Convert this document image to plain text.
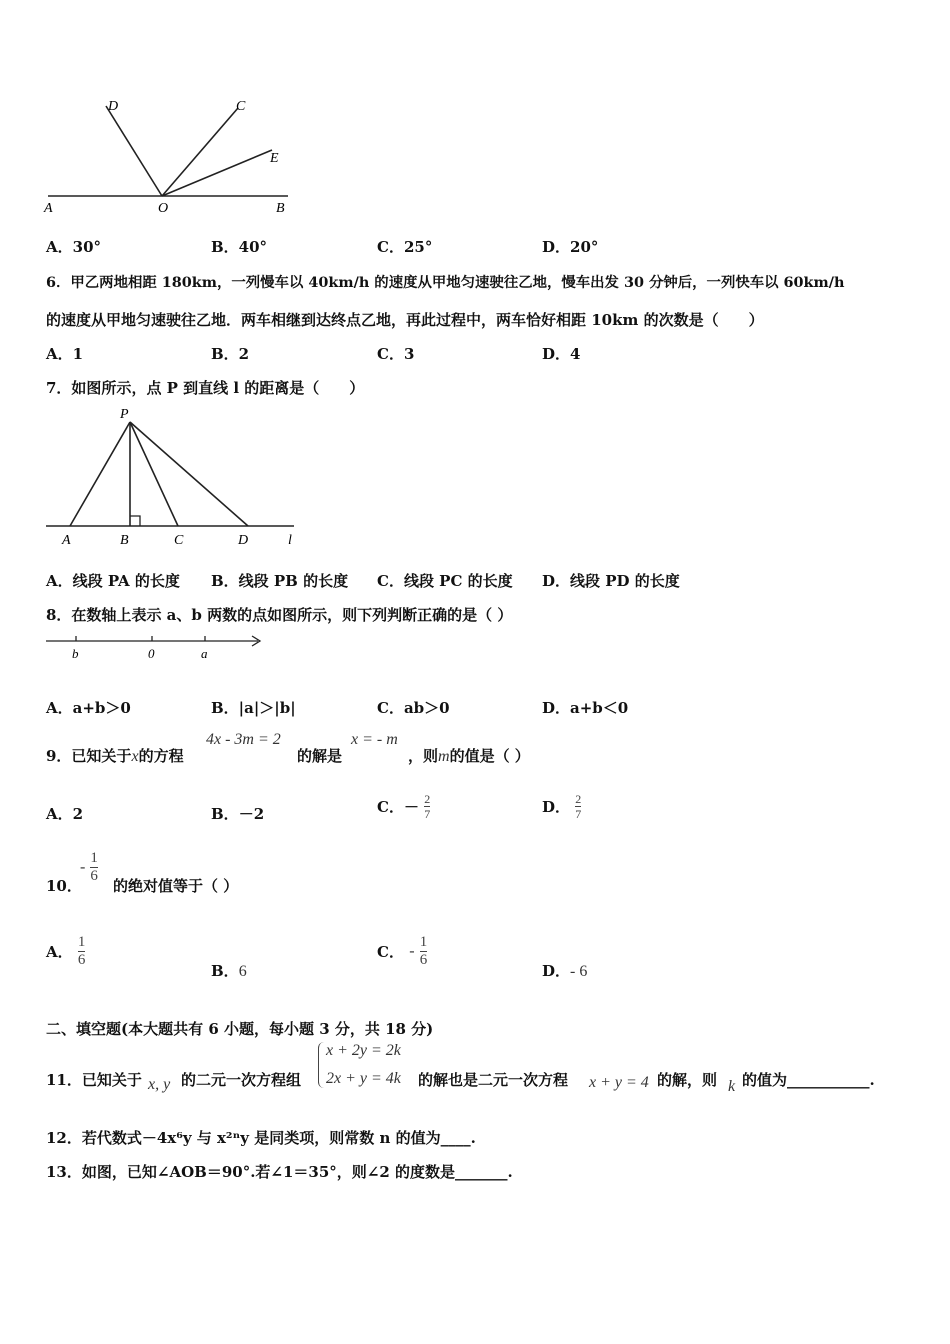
D	C
E
A	O	B
A．30°	B．40°	C．25°	D．20°
6．甲乙两地相距 180km，一列慢车以 40km/h 的速度从甲地匀速驶往乙地，慢车出发 30 分钟后，一列快车以 60km/h
的速度从甲地匀速驶往乙地．两车相继到达终点乙地，再此过程中，两车恰好相距 10km 的次数是（　　）
A．1	B．2	C．3	D．4
7．如图所示，点 P 到直线 l 的距离是（　　）
P
A	B	C	D	l
A．线段 PA 的长度 B．线段 PB 的长度 C．线段 PC 的长度 D．线段 PD 的长度
8．在数轴上表示 a、b 两数的点如图所示，则下列判断正确的是（ ）
b	0	a
A．a+b＞0	B．|a|＞|b|	C．ab＞0	D．a+b＜0
9．已知关于x的方程
4x - 3m = 2
的解是
x = - m
，则m的值是（ ）
A．2	B．－2	C．－ $\frac{2}{7}$	D． $\frac{2}{7}$
10．
- $\frac{1}{6}$
的绝对值等于（ ）
A． $\frac{1}{6}$
B．6
C． - $\frac{1}{6}$
D．- 6
二、填空题(本大题共有 6 小题，每小题 3 分，共 18 分)
11．已知关于 x, y 的二元一次方程组
x + 2y = 2k
2x + y = 4k 的解也是二元一次方程 x + y = 4 的解，则 k 的值为___________.
12．若代数式－4x⁶y 与 x²ⁿy 是同类项，则常数 n 的值为____.
13．如图，已知∠AOB＝90°.若∠1＝35°，则∠2 的度数是_______.
